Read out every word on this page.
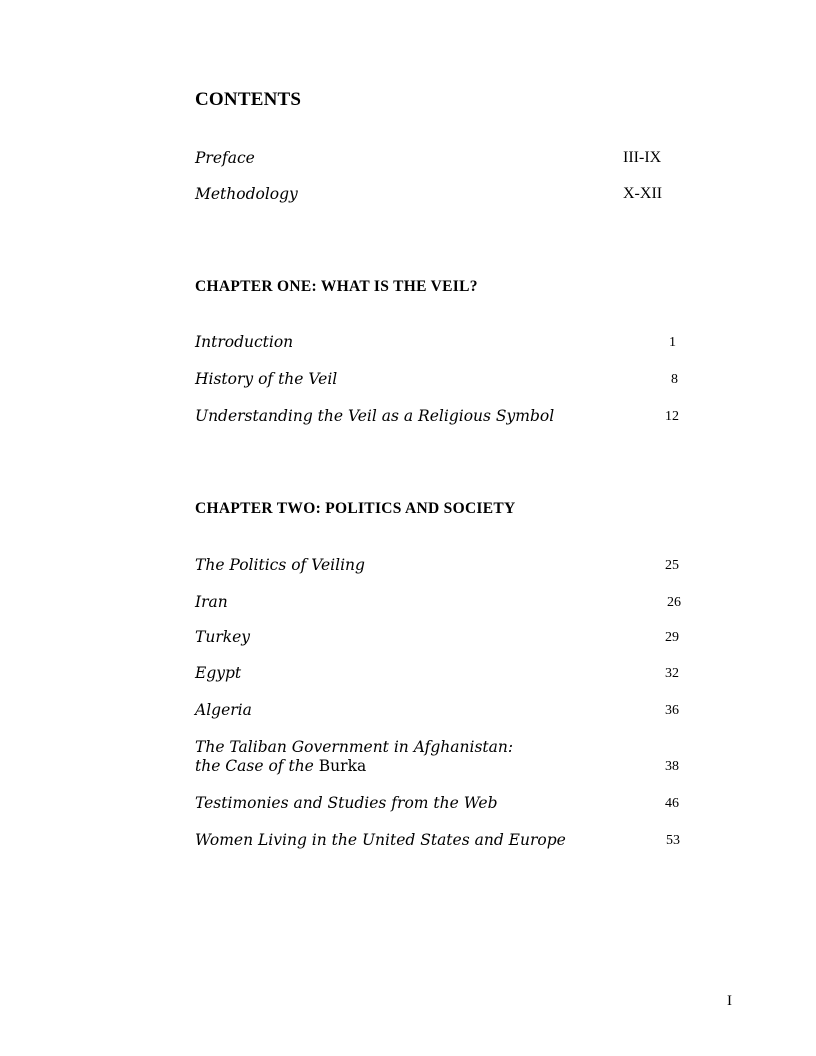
CONTENTS
Preface	III-IX
Methodology	X-XII
CHAPTER ONE: WHAT IS THE VEIL?
Introduction	1
History of the Veil	8
Understanding the Veil as a Religious Symbol	12
CHAPTER TWO: POLITICS AND SOCIETY
The Politics of Veiling	25
Iran	26
Turkey	29
Egypt	32
Algeria	36
The Taliban Government in Afghanistan:
the Case of the Burka	38
Testimonies and Studies from the Web	46
Women Living in the United States and Europe	53
I
